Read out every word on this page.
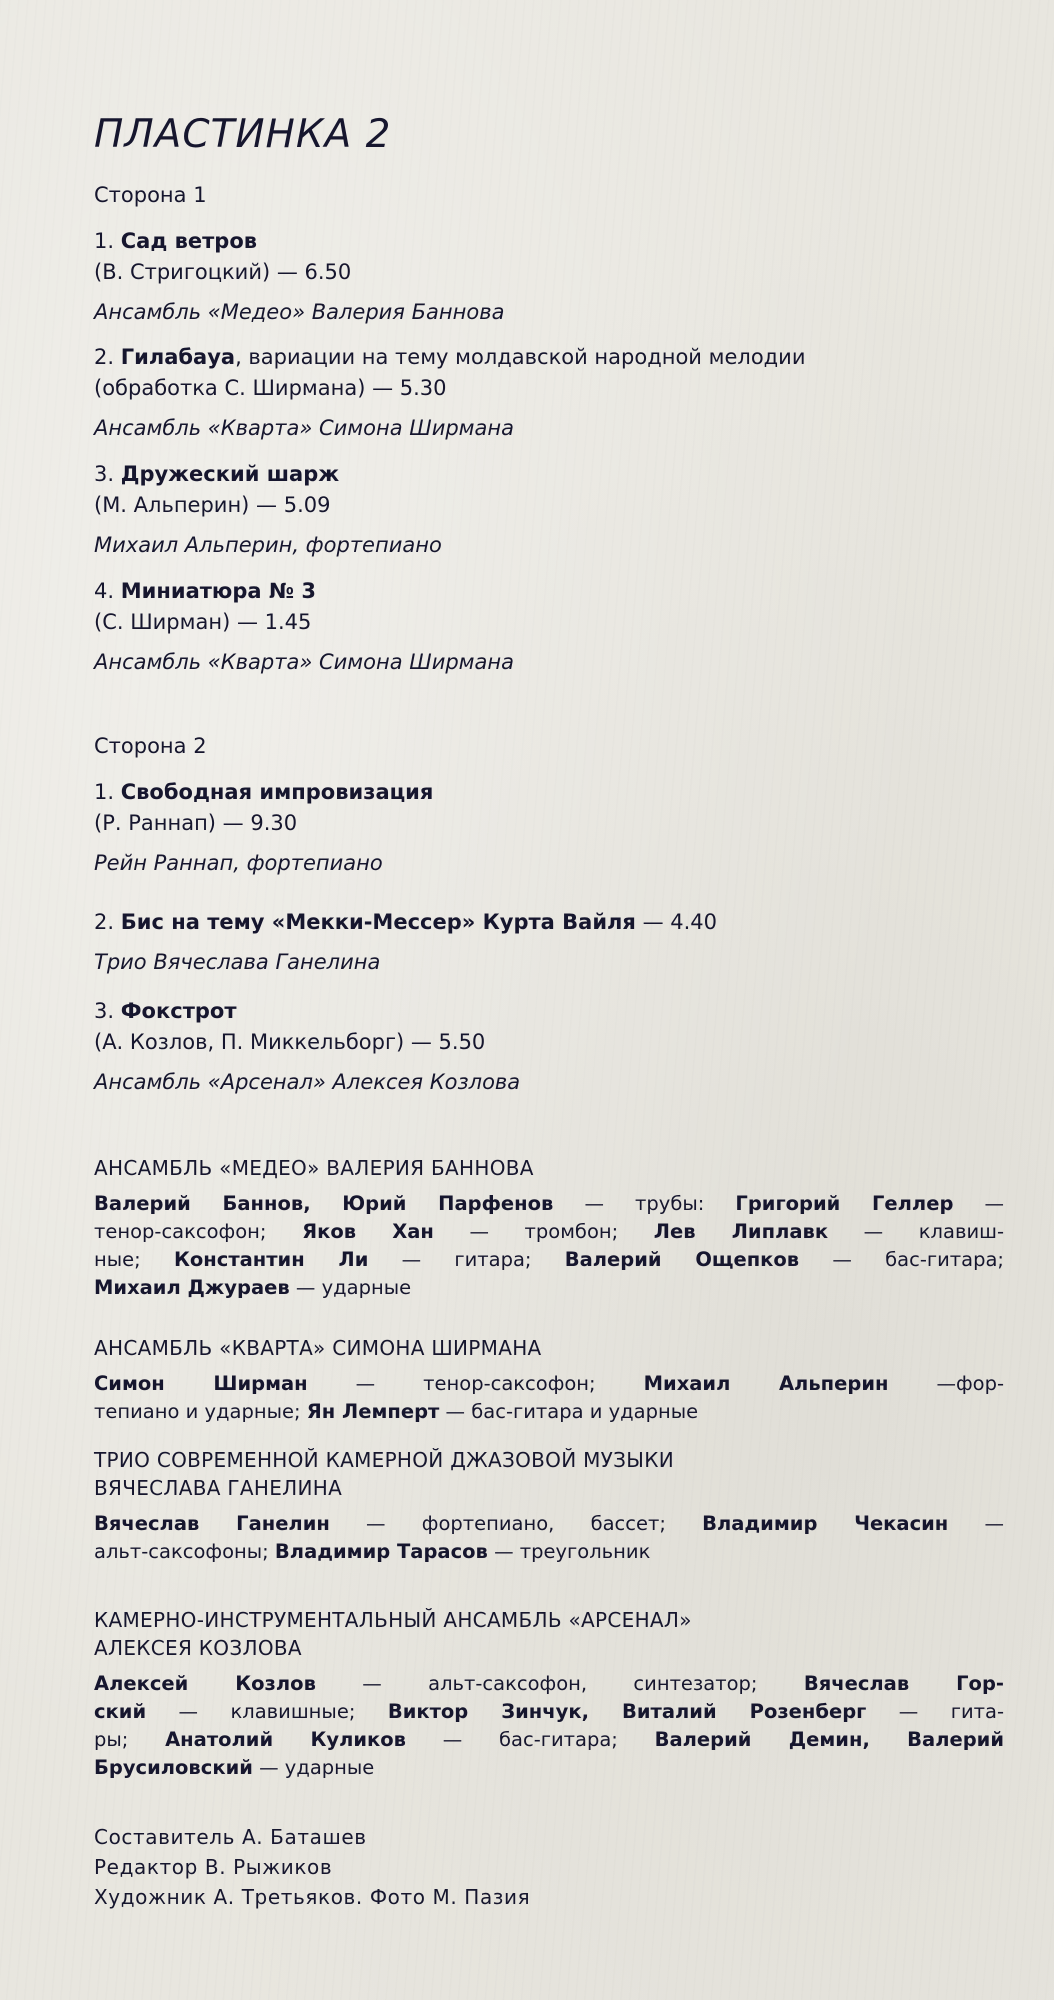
ПЛАСТИНКА 2
Сторона 1
1. Сад ветров
(В. Стригоцкий) — 6.50
Ансамбль «Медео» Валерия Баннова
2. Гилабауа, вариации на тему молдавской народной мелодии
(обработка С. Ширмана) — 5.30
Ансамбль «Кварта» Симона Ширмана
3. Дружеский шарж
(М. Альперин) — 5.09
Михаил Альперин, фортепиано
4. Миниатюра № 3
(С. Ширман) — 1.45
Ансамбль «Кварта» Симона Ширмана
Сторона 2
1. Свободная импровизация
(Р. Раннап) — 9.30
Рейн Раннап, фортепиано
2. Бис на тему «Мекки-Мессер» Курта Вайля — 4.40
Трио Вячеслава Ганелина
3. Фокстрот
(А. Козлов, П. Миккельборг) — 5.50
Ансамбль «Арсенал» Алексея Козлова
АНСАМБЛЬ «МЕДЕО» ВАЛЕРИЯ БАННОВА
Валерий Баннов, Юрий Парфенов — трубы: Григорий Геллер —
тенор-саксофон; Яков Хан — тромбон; Лев Липлавк — клавиш-
ные; Константин Ли — гитара; Валерий Ощепков — бас-гитара;
Михаил Джураев — ударные
АНСАМБЛЬ «КВАРТА» СИМОНА ШИРМАНА
Симон Ширман — тенор-саксофон; Михаил Альперин —фор-
тепиано и ударные; Ян Лемперт — бас-гитара и ударные
ТРИО СОВРЕМЕННОЙ КАМЕРНОЙ ДЖАЗОВОЙ МУЗЫКИ
ВЯЧЕСЛАВА ГАНЕЛИНА
Вячеслав Ганелин — фортепиано, бассет; Владимир Чекасин —
альт-саксофоны; Владимир Тарасов — треугольник
КАМЕРНО-ИНСТРУМЕНТАЛЬНЫЙ АНСАМБЛЬ «АРСЕНАЛ»
АЛЕКСЕЯ КОЗЛОВА
Алексей Козлов — альт-саксофон, синтезатор; Вячеслав Гор-
ский — клавишные; Виктор Зинчук, Виталий Розенберг — гита-
ры; Анатолий Куликов — бас-гитара; Валерий Демин, Валерий
Брусиловский — ударные
Составитель А. Баташев
Редактор В. Рыжиков
Художник А. Третьяков. Фото М. Пазия
